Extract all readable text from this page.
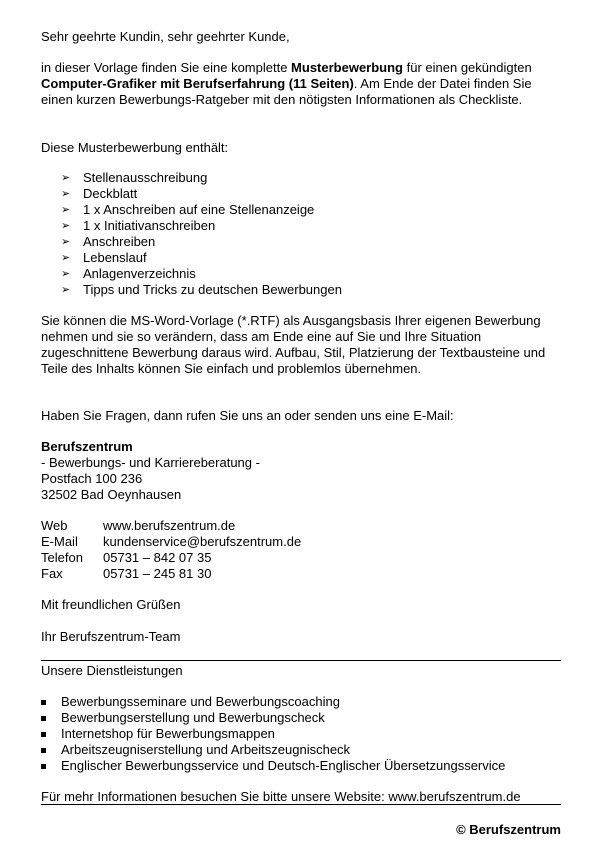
Sehr geehrte Kundin, sehr geehrter Kunde,

in dieser Vorlage finden Sie eine komplette Musterbewerbung für einen gekündigten Computer-Grafiker mit Berufserfahrung (11 Seiten). Am Ende der Datei finden Sie einen kurzen Bewerbungs-Ratgeber mit den nötigsten Informationen als Checkliste.

Diese Musterbewerbung enthält:

➢ Stellenausschreibung
➢ Deckblatt
➢ 1 x Anschreiben auf eine Stellenanzeige
➢ 1 x Initiativanschreiben
➢ Anschreiben
➢ Lebenslauf
➢ Anlagenverzeichnis
➢ Tipps und Tricks zu deutschen Bewerbungen

Sie können die MS-Word-Vorlage (*.RTF) als Ausgangsbasis Ihrer eigenen Bewerbung nehmen und sie so verändern, dass am Ende eine auf Sie und Ihre Situation zugeschnittene Bewerbung daraus wird. Aufbau, Stil, Platzierung der Textbausteine und Teile des Inhalts können Sie einfach und problemlos übernehmen.

Haben Sie Fragen, dann rufen Sie uns an oder senden uns eine E-Mail:

Berufszentrum

- Bewerbungs- und Karriereberatung -

Postfach 100 236

32502 Bad Oeynhausen

Web	www.berufszentrum.de
E-Mail	kundenservice@berufszentrum.de
Telefon	05731 – 842 07 35
Fax	05731 – 245 81 30

Mit freundlichen Grüßen

Ihr Berufszentrum-Team

Unsere Dienstleistungen

Bewerbungsseminare und Bewerbungscoaching
Bewerbungserstellung und Bewerbungscheck
Internetshop für Bewerbungsmappen
Arbeitszeugniserstellung und Arbeitszeugnischeck
Englischer Bewerbungsservice und Deutsch-Englischer Übersetzungsservice

Für mehr Informationen besuchen Sie bitte unsere Website: www.berufszentrum.de

© Berufszentrum
